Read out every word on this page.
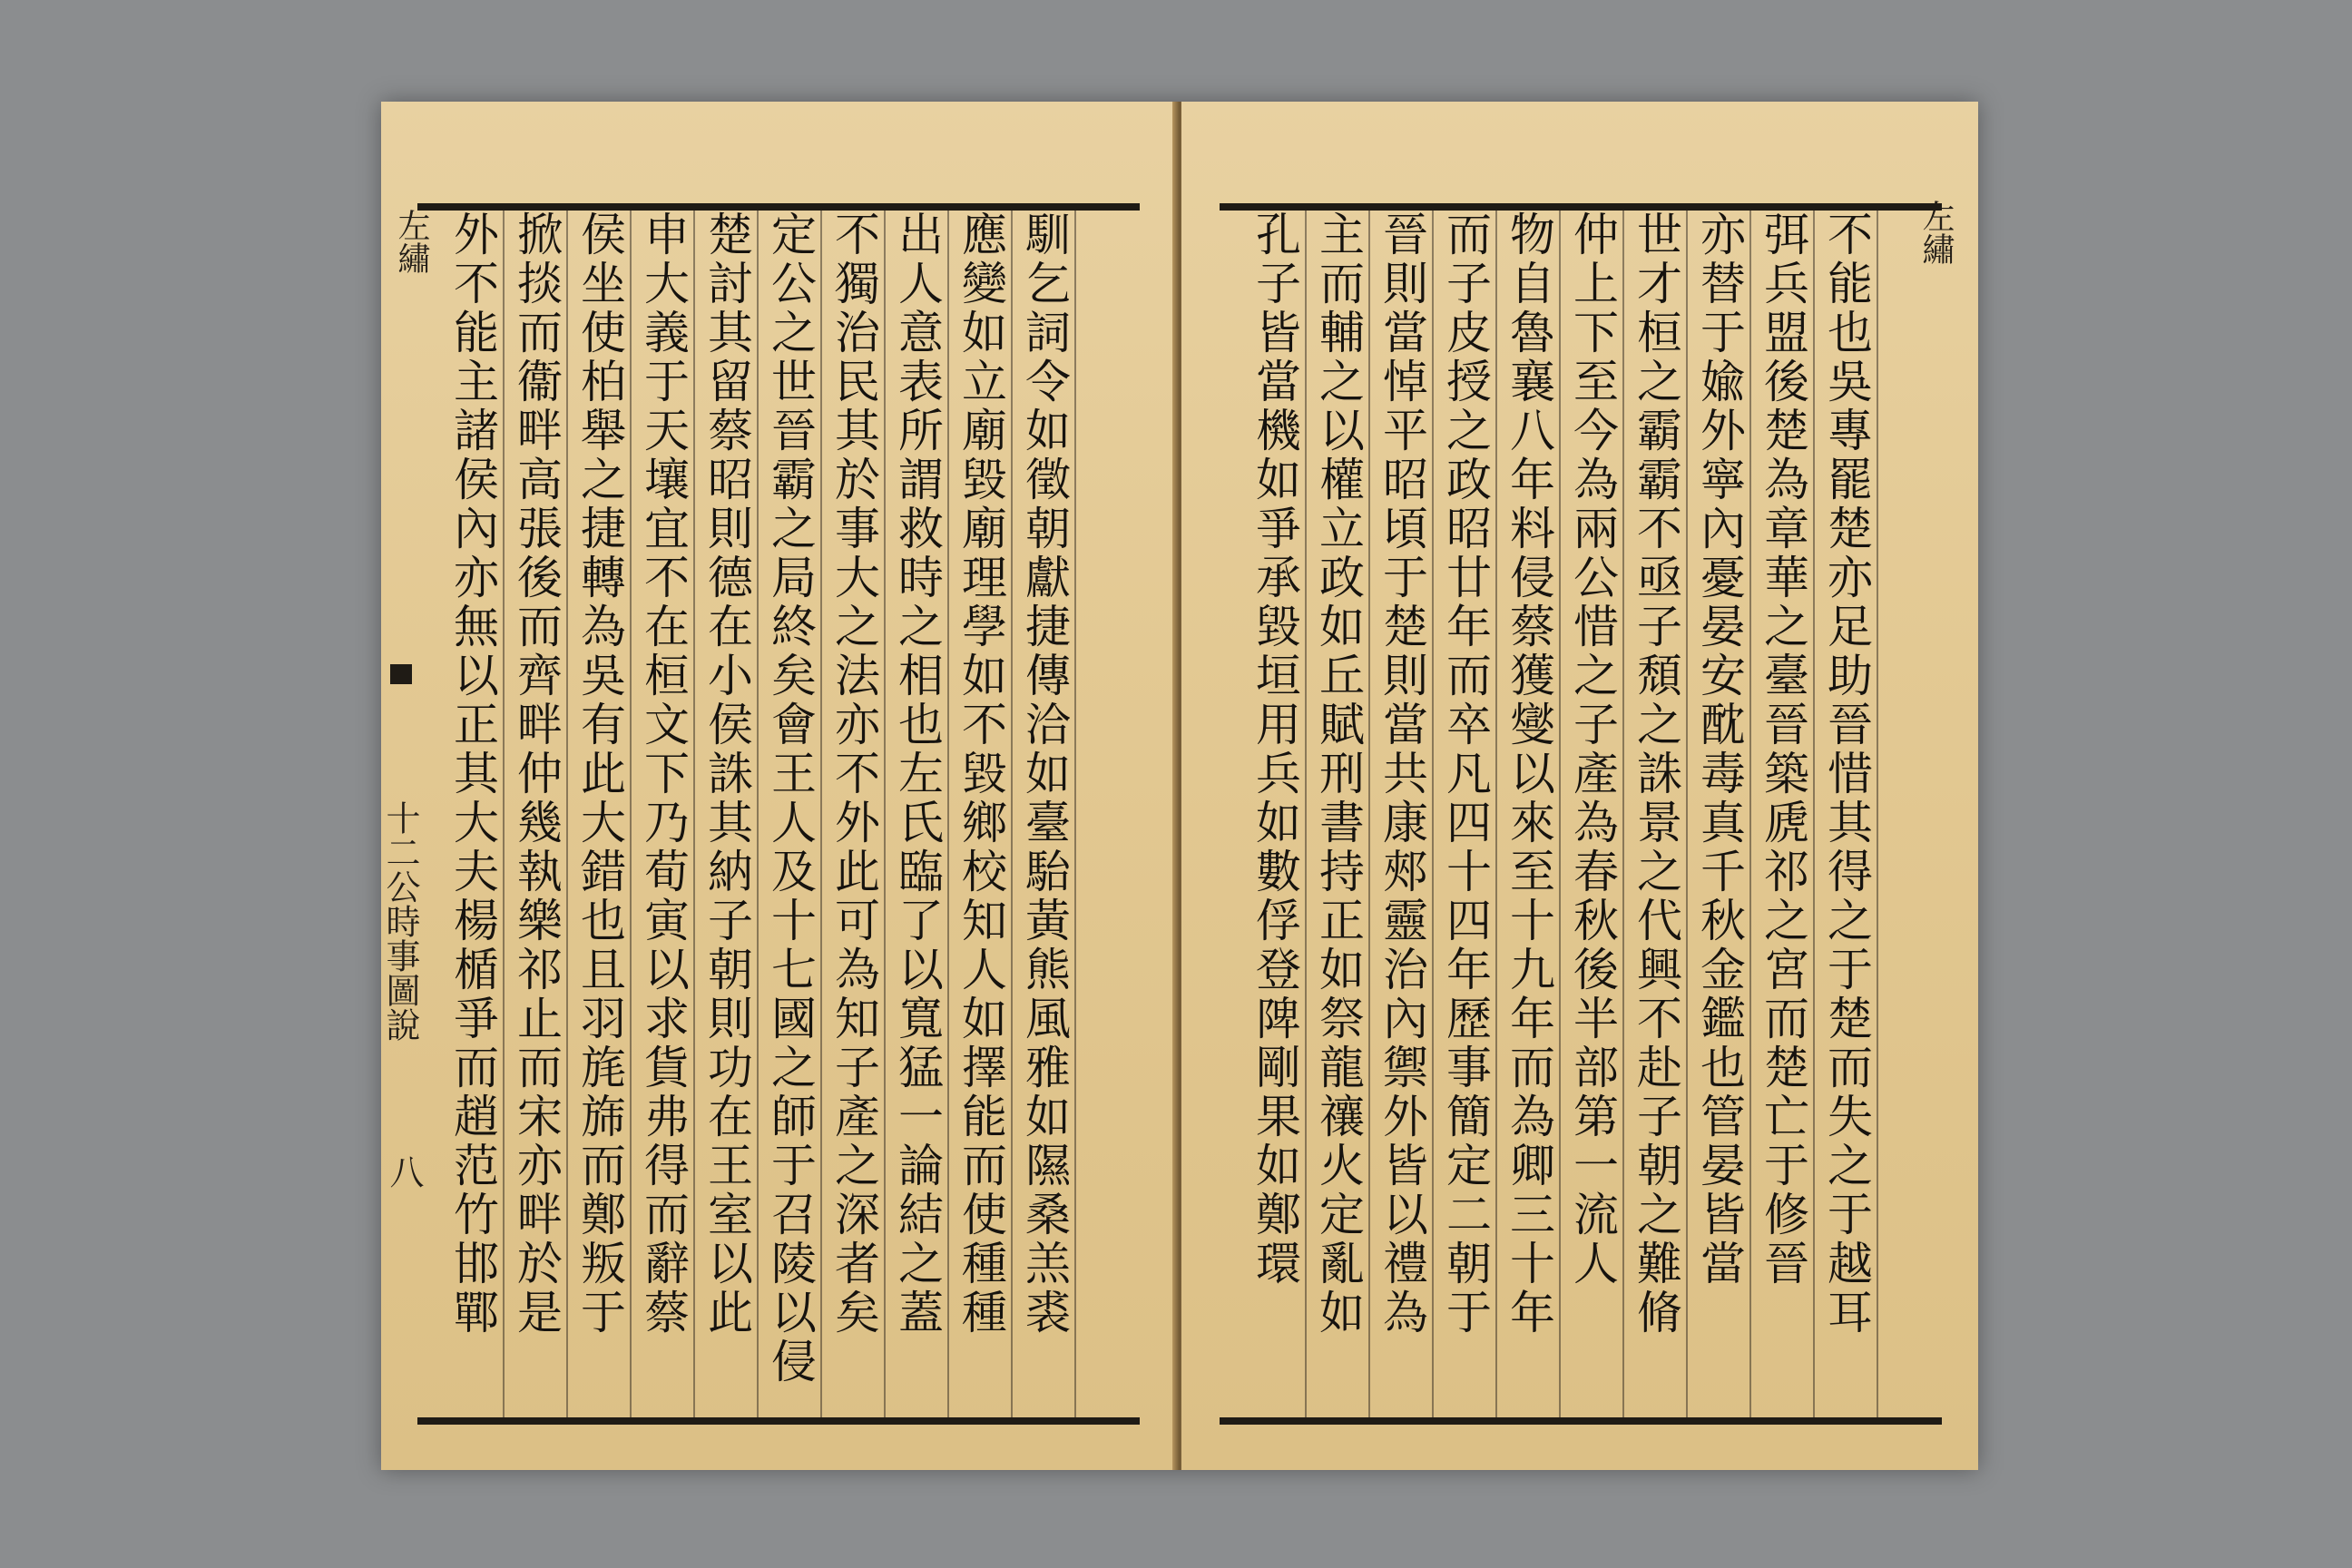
左繡
十二公時事圖說
八 外不能主諸侯內亦無以正其大夫楊楯爭而趙范竹邯鄲 掀掞而衞畔高張後而齊畔仲幾執樂祁止而宋亦畔於是 侯坐使柏舉之捷轉為吳有此大錯也且羽旄旆而鄭叛于 申大義于天壤宜不在桓文下乃荀寅以求貨弗得而辭蔡 楚討其留蔡昭則德在小侯誅其納子朝則功在王室以此 定公之世晉霸之局終矣會王人及十七國之師于召陵以侵 不獨治民其於事大之法亦不外此可為知子產之深者矣 出人意表所謂救時之相也左氏臨了以寬猛一論結之蓋 應變如立廟毀廟理學如不毀鄉校知人如擇能而使種種 馴乞詞令如徵朝獻捷傳洽如臺駘黃熊風雅如隰桑羔裘	左繡
不能也吳專罷楚亦足助晉惜其得之于楚而失之于越耳
弭兵盟後楚為章華之臺晉築虒祁之宮而楚亡于修晉
亦替于婾外寧內憂晏安酖毒真千秋金鑑也管晏皆當
世才桓之霸霸不亟子頹之誅景之代興不赴子朝之難脩
仲上下至今為兩公惜之子產為春秋後半部第一流人
物自魯襄八年料侵蔡獲燮以來至十九年而為卿三十年
而子皮授之政昭廿年而卒凡四十四年歷事簡定二朝于
晉則當悼平昭頃于楚則當共康郟靈治內禦外皆以禮為
主而輔之以權立政如丘賦刑書持正如祭龍禳火定亂如
孔子皆當機如爭承毀垣用兵如數俘登陴剛果如鄭環
